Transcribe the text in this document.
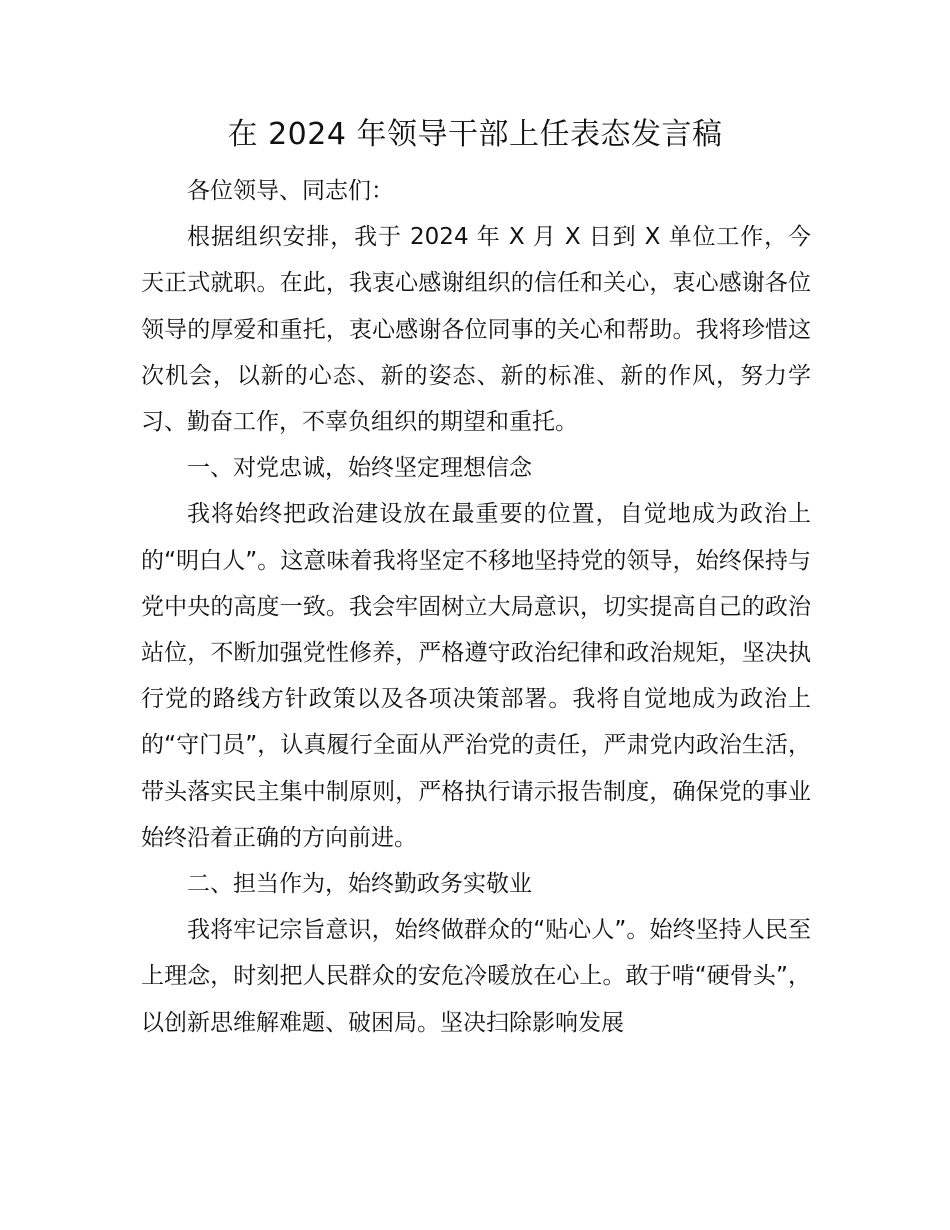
在 2024 年领导干部上任表态发言稿

各位领导、同志们：

根据组织安排，我于 2024 年 X 月 X 日到 X 单位工作，今天正式就职。在此，我衷心感谢组织的信任和关心，衷心感谢各位领导的厚爱和重托，衷心感谢各位同事的关心和帮助。我将珍惜这次机会，以新的心态、新的姿态、新的标准、新的作风，努力学习、勤奋工作，不辜负组织的期望和重托。

一、对党忠诚，始终坚定理想信念

我将始终把政治建设放在最重要的位置，自觉地成为政治上的“明白人”。这意味着我将坚定不移地坚持党的领导，始终保持与党中央的高度一致。我会牢固树立大局意识，切实提高自己的政治站位，不断加强党性修养，严格遵守政治纪律和政治规矩，坚决执行党的路线方针政策以及各项决策部署。我将自觉地成为政治上的“守门员”，认真履行全面从严治党的责任，严肃党内政治生活，带头落实民主集中制原则，严格执行请示报告制度，确保党的事业始终沿着正确的方向前进。

二、担当作为，始终勤政务实敬业

我将牢记宗旨意识，始终做群众的“贴心人”。始终坚持人民至上理念，时刻把人民群众的安危冷暖放在心上。敢于啃“硬骨头”，以创新思维解难题、破困局。坚决扫除影响发展
